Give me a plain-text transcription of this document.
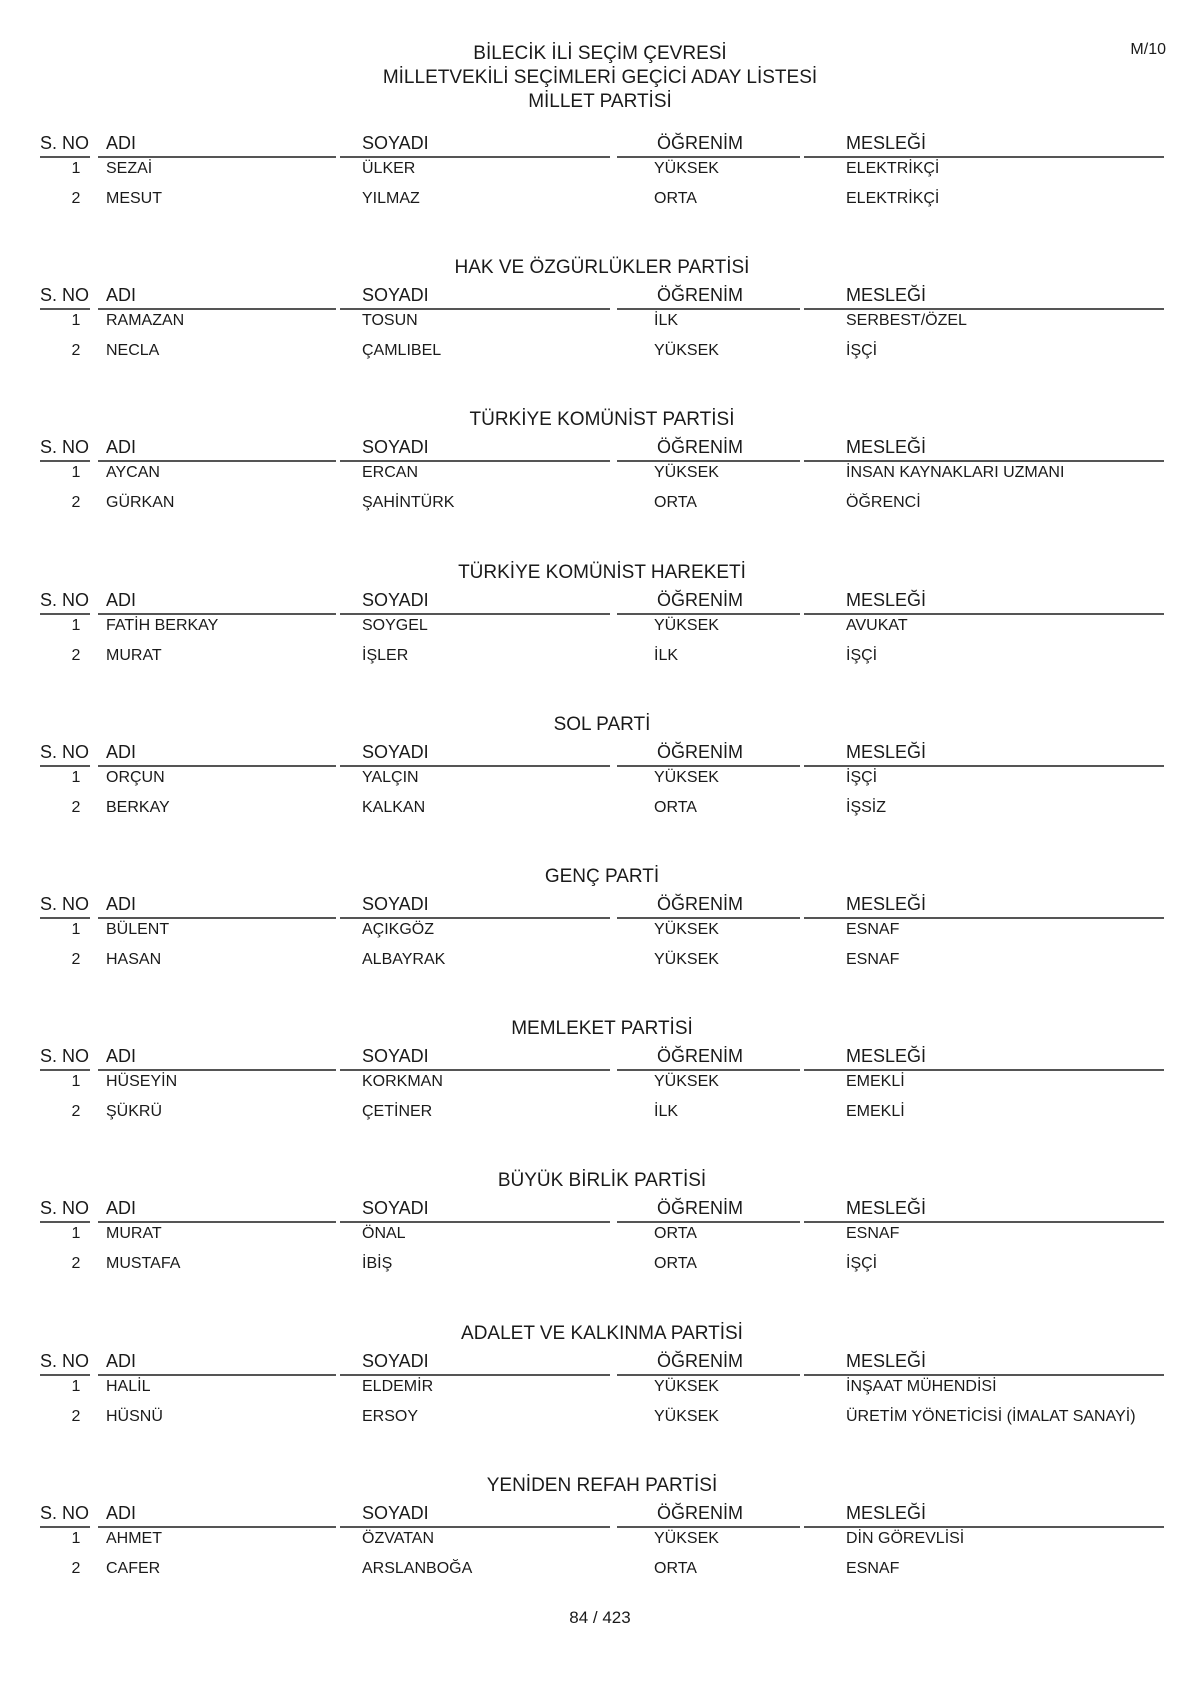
M/10
BİLECİK İLİ SEÇİM ÇEVRESİ
MİLLETVEKİLİ SEÇİMLERİ GEÇİCİ ADAY LİSTESİ
MİLLET PARTİSİ
S. NO ADI	SOYADI	ÖĞRENİM	MESLEĞİ
1	SEZAİ	ÜLKER	YÜKSEK	ELEKTRİKÇİ
2	MESUT	YILMAZ	ORTA	ELEKTRİKÇİ
HAK VE ÖZGÜRLÜKLER PARTİSİ
S. NO ADI	SOYADI	ÖĞRENİM	MESLEĞİ
1	RAMAZAN	TOSUN	İLK	SERBEST/ÖZEL
2	NECLA	ÇAMLIBEL	YÜKSEK	İŞÇİ
TÜRKİYE KOMÜNİST PARTİSİ
S. NO ADI	SOYADI	ÖĞRENİM	MESLEĞİ
1	AYCAN	ERCAN	YÜKSEK	İNSAN KAYNAKLARI UZMANI
2	GÜRKAN	ŞAHİNTÜRK	ORTA	ÖĞRENCİ
TÜRKİYE KOMÜNİST HAREKETİ
S. NO ADI	SOYADI	ÖĞRENİM	MESLEĞİ
1	FATİH BERKAY	SOYGEL	YÜKSEK	AVUKAT
2	MURAT	İŞLER	İLK	İŞÇİ
SOL PARTİ
S. NO ADI	SOYADI	ÖĞRENİM	MESLEĞİ
1	ORÇUN	YALÇIN	YÜKSEK	İŞÇİ
2	BERKAY	KALKAN	ORTA	İŞSİZ
GENÇ PARTİ
S. NO ADI	SOYADI	ÖĞRENİM	MESLEĞİ
1	BÜLENT	AÇIKGÖZ	YÜKSEK	ESNAF
2	HASAN	ALBAYRAK	YÜKSEK	ESNAF
MEMLEKET PARTİSİ
S. NO ADI	SOYADI	ÖĞRENİM	MESLEĞİ
1	HÜSEYİN	KORKMAN	YÜKSEK	EMEKLİ
2	ŞÜKRÜ	ÇETİNER	İLK	EMEKLİ
BÜYÜK BİRLİK PARTİSİ
S. NO ADI	SOYADI	ÖĞRENİM	MESLEĞİ
1	MURAT	ÖNAL	ORTA	ESNAF
2	MUSTAFA	İBİŞ	ORTA	İŞÇİ
ADALET VE KALKINMA PARTİSİ
S. NO ADI	SOYADI	ÖĞRENİM	MESLEĞİ
1	HALİL	ELDEMİR	YÜKSEK	İNŞAAT MÜHENDİSİ
2	HÜSNÜ	ERSOY	YÜKSEK	ÜRETİM YÖNETİCİSİ (İMALAT SANAYİ)
YENİDEN REFAH PARTİSİ
S. NO ADI	SOYADI	ÖĞRENİM	MESLEĞİ
1	AHMET	ÖZVATAN	YÜKSEK	DİN GÖREVLİSİ
2	CAFER	ARSLANBOĞA	ORTA	ESNAF
84 / 423
